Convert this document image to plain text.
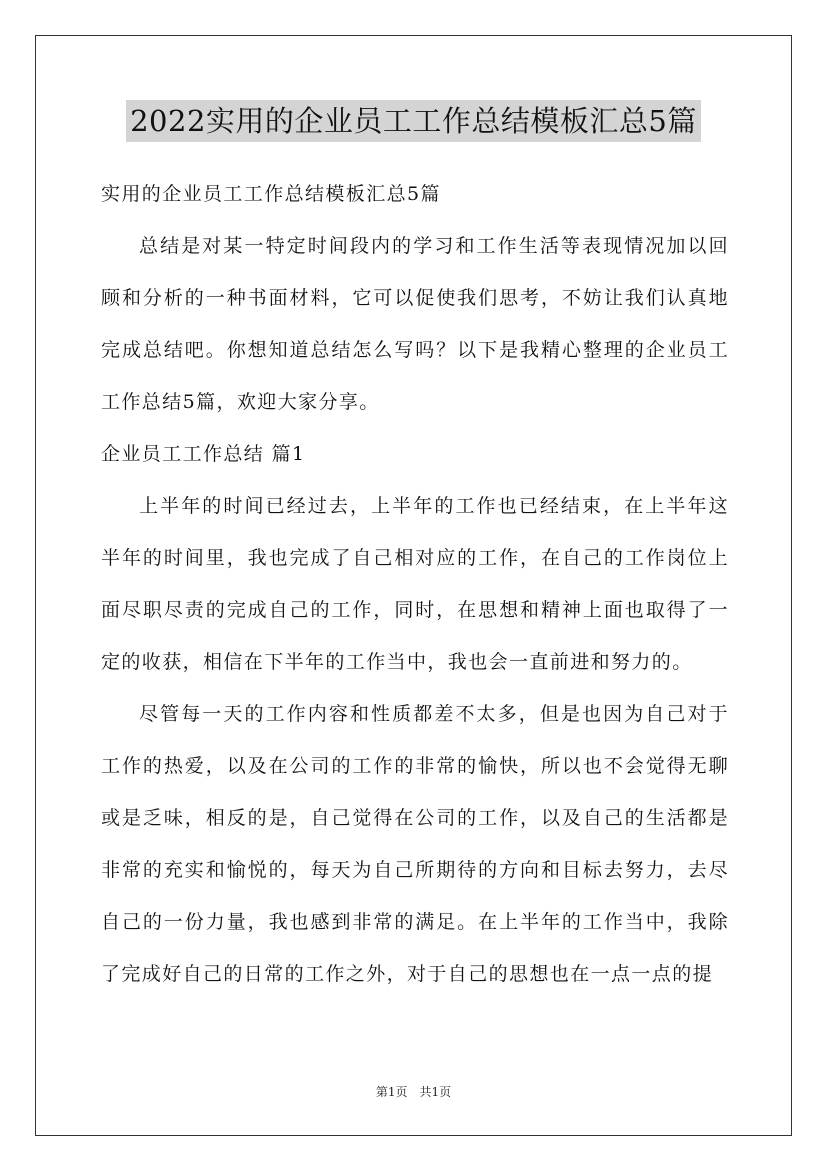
2022实用的企业员工工作总结模板汇总5篇

实用的企业员工工作总结模板汇总5篇

总结是对某一特定时间段内的学习和工作生活等表现情况加以回顾和分析的一种书面材料，它可以促使我们思考，不妨让我们认真地完成总结吧。你想知道总结怎么写吗？以下是我精心整理的企业员工工作总结5篇，欢迎大家分享。

企业员工工作总结 篇1

上半年的时间已经过去，上半年的工作也已经结束，在上半年这半年的时间里，我也完成了自己相对应的工作，在自己的工作岗位上面尽职尽责的完成自己的工作，同时，在思想和精神上面也取得了一定的收获，相信在下半年的工作当中，我也会一直前进和努力的。

尽管每一天的工作内容和性质都差不太多，但是也因为自己对于工作的热爱，以及在公司的工作的非常的愉快，所以也不会觉得无聊或是乏味，相反的是，自己觉得在公司的工作，以及自己的生活都是非常的充实和愉悦的，每天为自己所期待的方向和目标去努力，去尽自己的一份力量，我也感到非常的满足。在上半年的工作当中，我除了完成好自己的日常的工作之外，对于自己的思想也在一点一点的提

第1页 共1页
